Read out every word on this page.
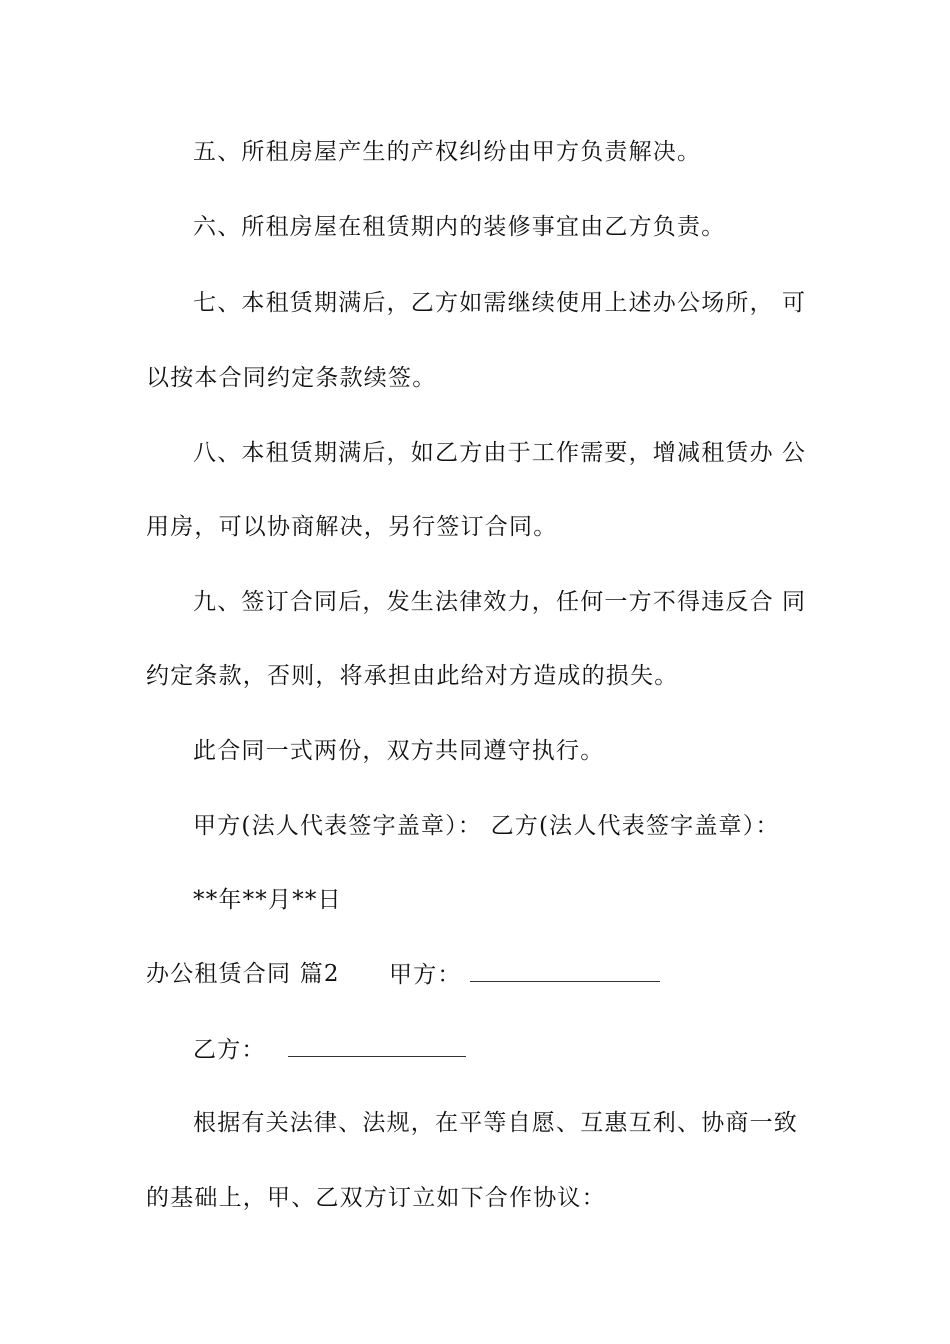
五、所租房屋产生的产权纠纷由甲方负责解决。
六、所租房屋在租赁期内的装修事宜由乙方负责。
七、本租赁期满后，乙方如需继续使用上述办公场所， 可
以按本合同约定条款续签。
八、本租赁期满后，如乙方由于工作需要，增减租赁办 公
用房，可以协商解决，另行签订合同。
九、签订合同后，发生法律效力，任何一方不得违反合 同
约定条款，否则，将承担由此给对方造成的损失。
此合同一式两份，双方共同遵守执行。
甲方(法人代表签字盖章）： 乙方(法人代表签字盖章）：
**年**月**日
办公租赁合同 篇2 甲方：
乙方：
根据有关法律、法规，在平等自愿、互惠互利、协商一致
的基础上，甲、乙双方订立如下合作协议：
